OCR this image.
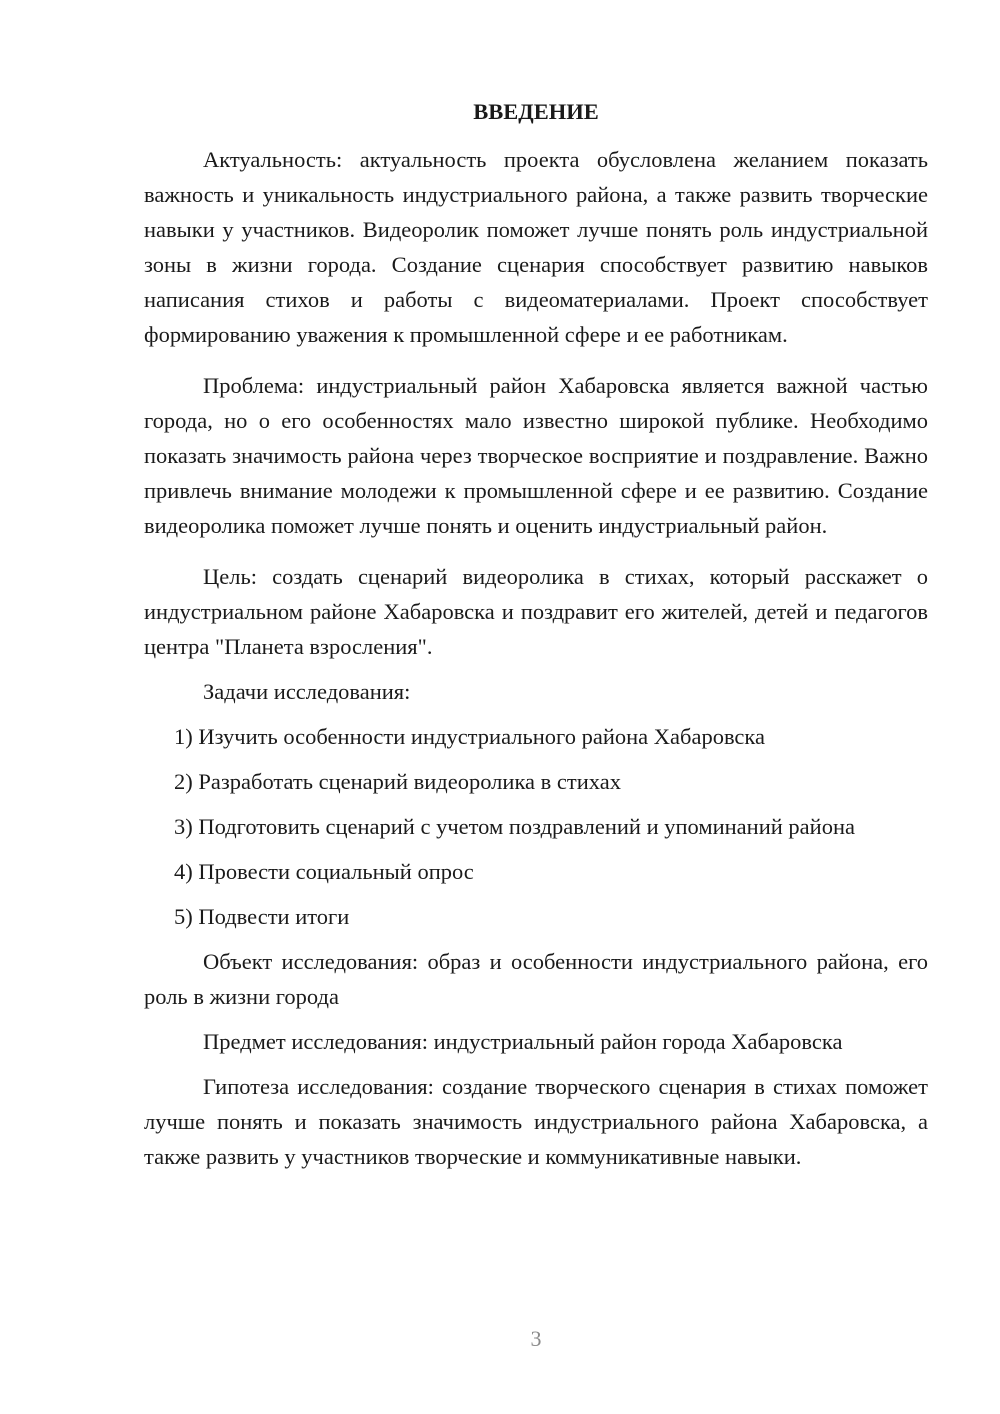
ВВЕДЕНИЕ

Актуальность: актуальность проекта обусловлена желанием показать важность и уникальность индустриального района, а также развить творческие навыки у участников. Видеоролик поможет лучше понять роль индустриальной зоны в жизни города. Создание сценария способствует развитию навыков написания стихов и работы с видеоматериалами. Проект способствует формированию уважения к промышленной сфере и ее работникам.

Проблема: индустриальный район Хабаровска является важной частью города, но о его особенностях мало известно широкой публике. Необходимо показать значимость района через творческое восприятие и поздравление. Важно привлечь внимание молодежи к промышленной сфере и ее развитию. Создание видеоролика поможет лучше понять и оценить индустриальный район.

Цель: создать сценарий видеоролика в стихах, который расскажет о индустриальном районе Хабаровска и поздравит его жителей, детей и педагогов центра "Планета взросления".

Задачи исследования:

1) Изучить особенности индустриального района Хабаровска

2) Разработать сценарий видеоролика в стихах

3) Подготовить сценарий с учетом поздравлений и упоминаний района

4) Провести социальный опрос

5) Подвести итоги

Объект исследования: образ и особенности индустриального района, его роль в жизни города

Предмет исследования: индустриальный район города Хабаровска

Гипотеза исследования: создание творческого сценария в стихах поможет лучше понять и показать значимость индустриального района Хабаровска, а также развить у участников творческие и коммуникативные навыки.

3
